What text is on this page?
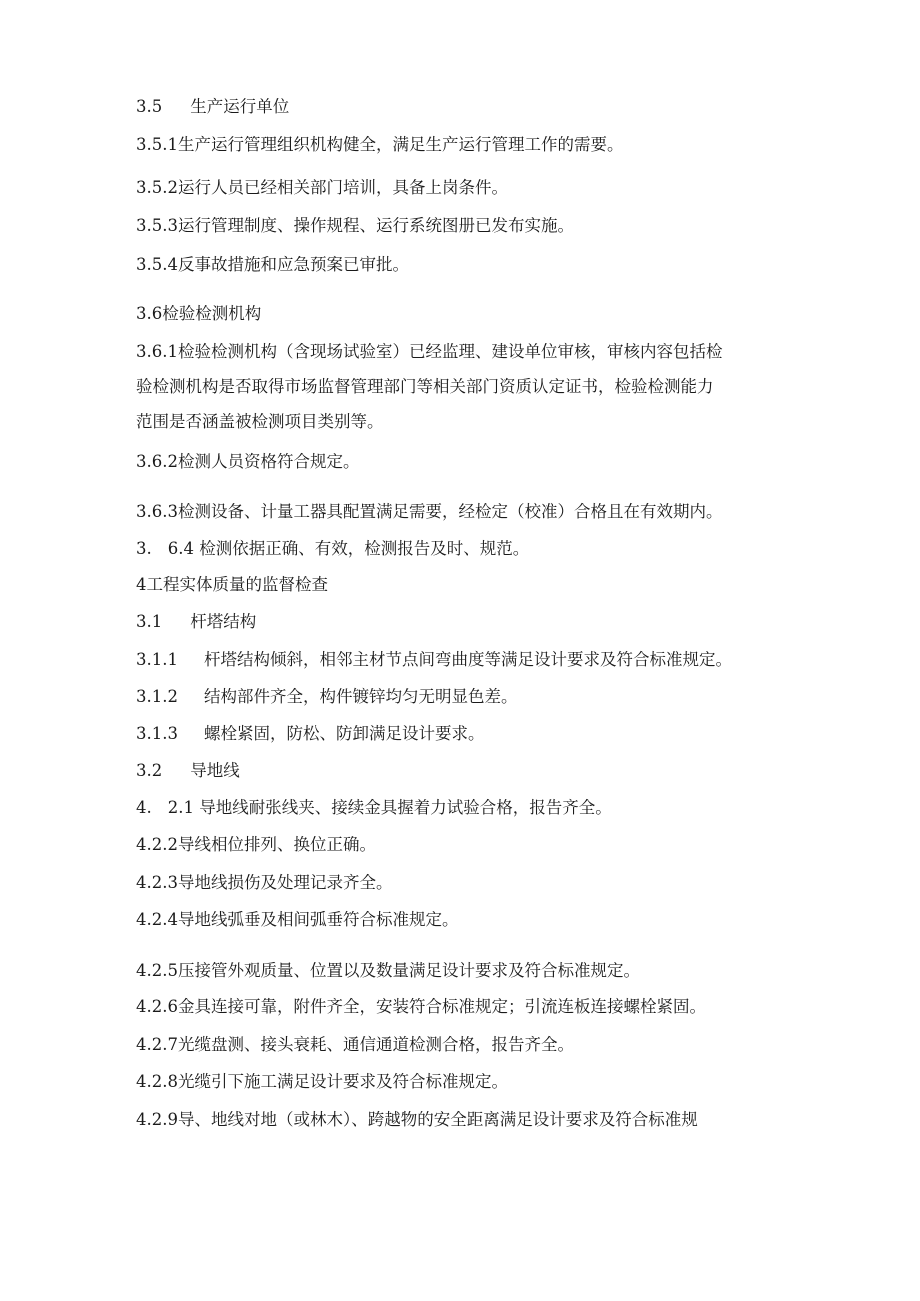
3.5 生产运行单位
3.5.1生产运行管理组织机构健全，满足生产运行管理工作的需要。
3.5.2运行人员已经相关部门培训，具备上岗条件。
3.5.3运行管理制度、操作规程、运行系统图册已发布实施。
3.5.4反事故措施和应急预案已审批。
3.6检验检测机构
3.6.1检验检测机构（含现场试验室）已经监理、建设单位审核，审核内容包括检
验检测机构是否取得市场监督管理部门等相关部门资质认定证书，检验检测能力
范围是否涵盖被检测项目类别等。
3.6.2检测人员资格符合规定。
3.6.3检测设备、计量工器具配置满足需要，经检定（校准）合格且在有效期内。
3. 6.4 检测依据正确、有效，检测报告及时、规范。
4工程实体质量的监督检查
3.1 杆塔结构
3.1.1 杆塔结构倾斜，相邻主材节点间弯曲度等满足设计要求及符合标准规定。
3.1.2 结构部件齐全，构件镀锌均匀无明显色差。
3.1.3 螺栓紧固，防松、防卸满足设计要求。
3.2 导地线
4. 2.1 导地线耐张线夹、接续金具握着力试验合格，报告齐全。
4.2.2导线相位排列、换位正确。
4.2.3导地线损伤及处理记录齐全。
4.2.4导地线弧垂及相间弧垂符合标准规定。
4.2.5压接管外观质量、位置以及数量满足设计要求及符合标准规定。
4.2.6金具连接可靠，附件齐全，安装符合标准规定；引流连板连接螺栓紧固。
4.2.7光缆盘测、接头衰耗、通信通道检测合格，报告齐全。
4.2.8光缆引下施工满足设计要求及符合标准规定。
4.2.9导、地线对地（或林木）、跨越物的安全距离满足设计要求及符合标准规
